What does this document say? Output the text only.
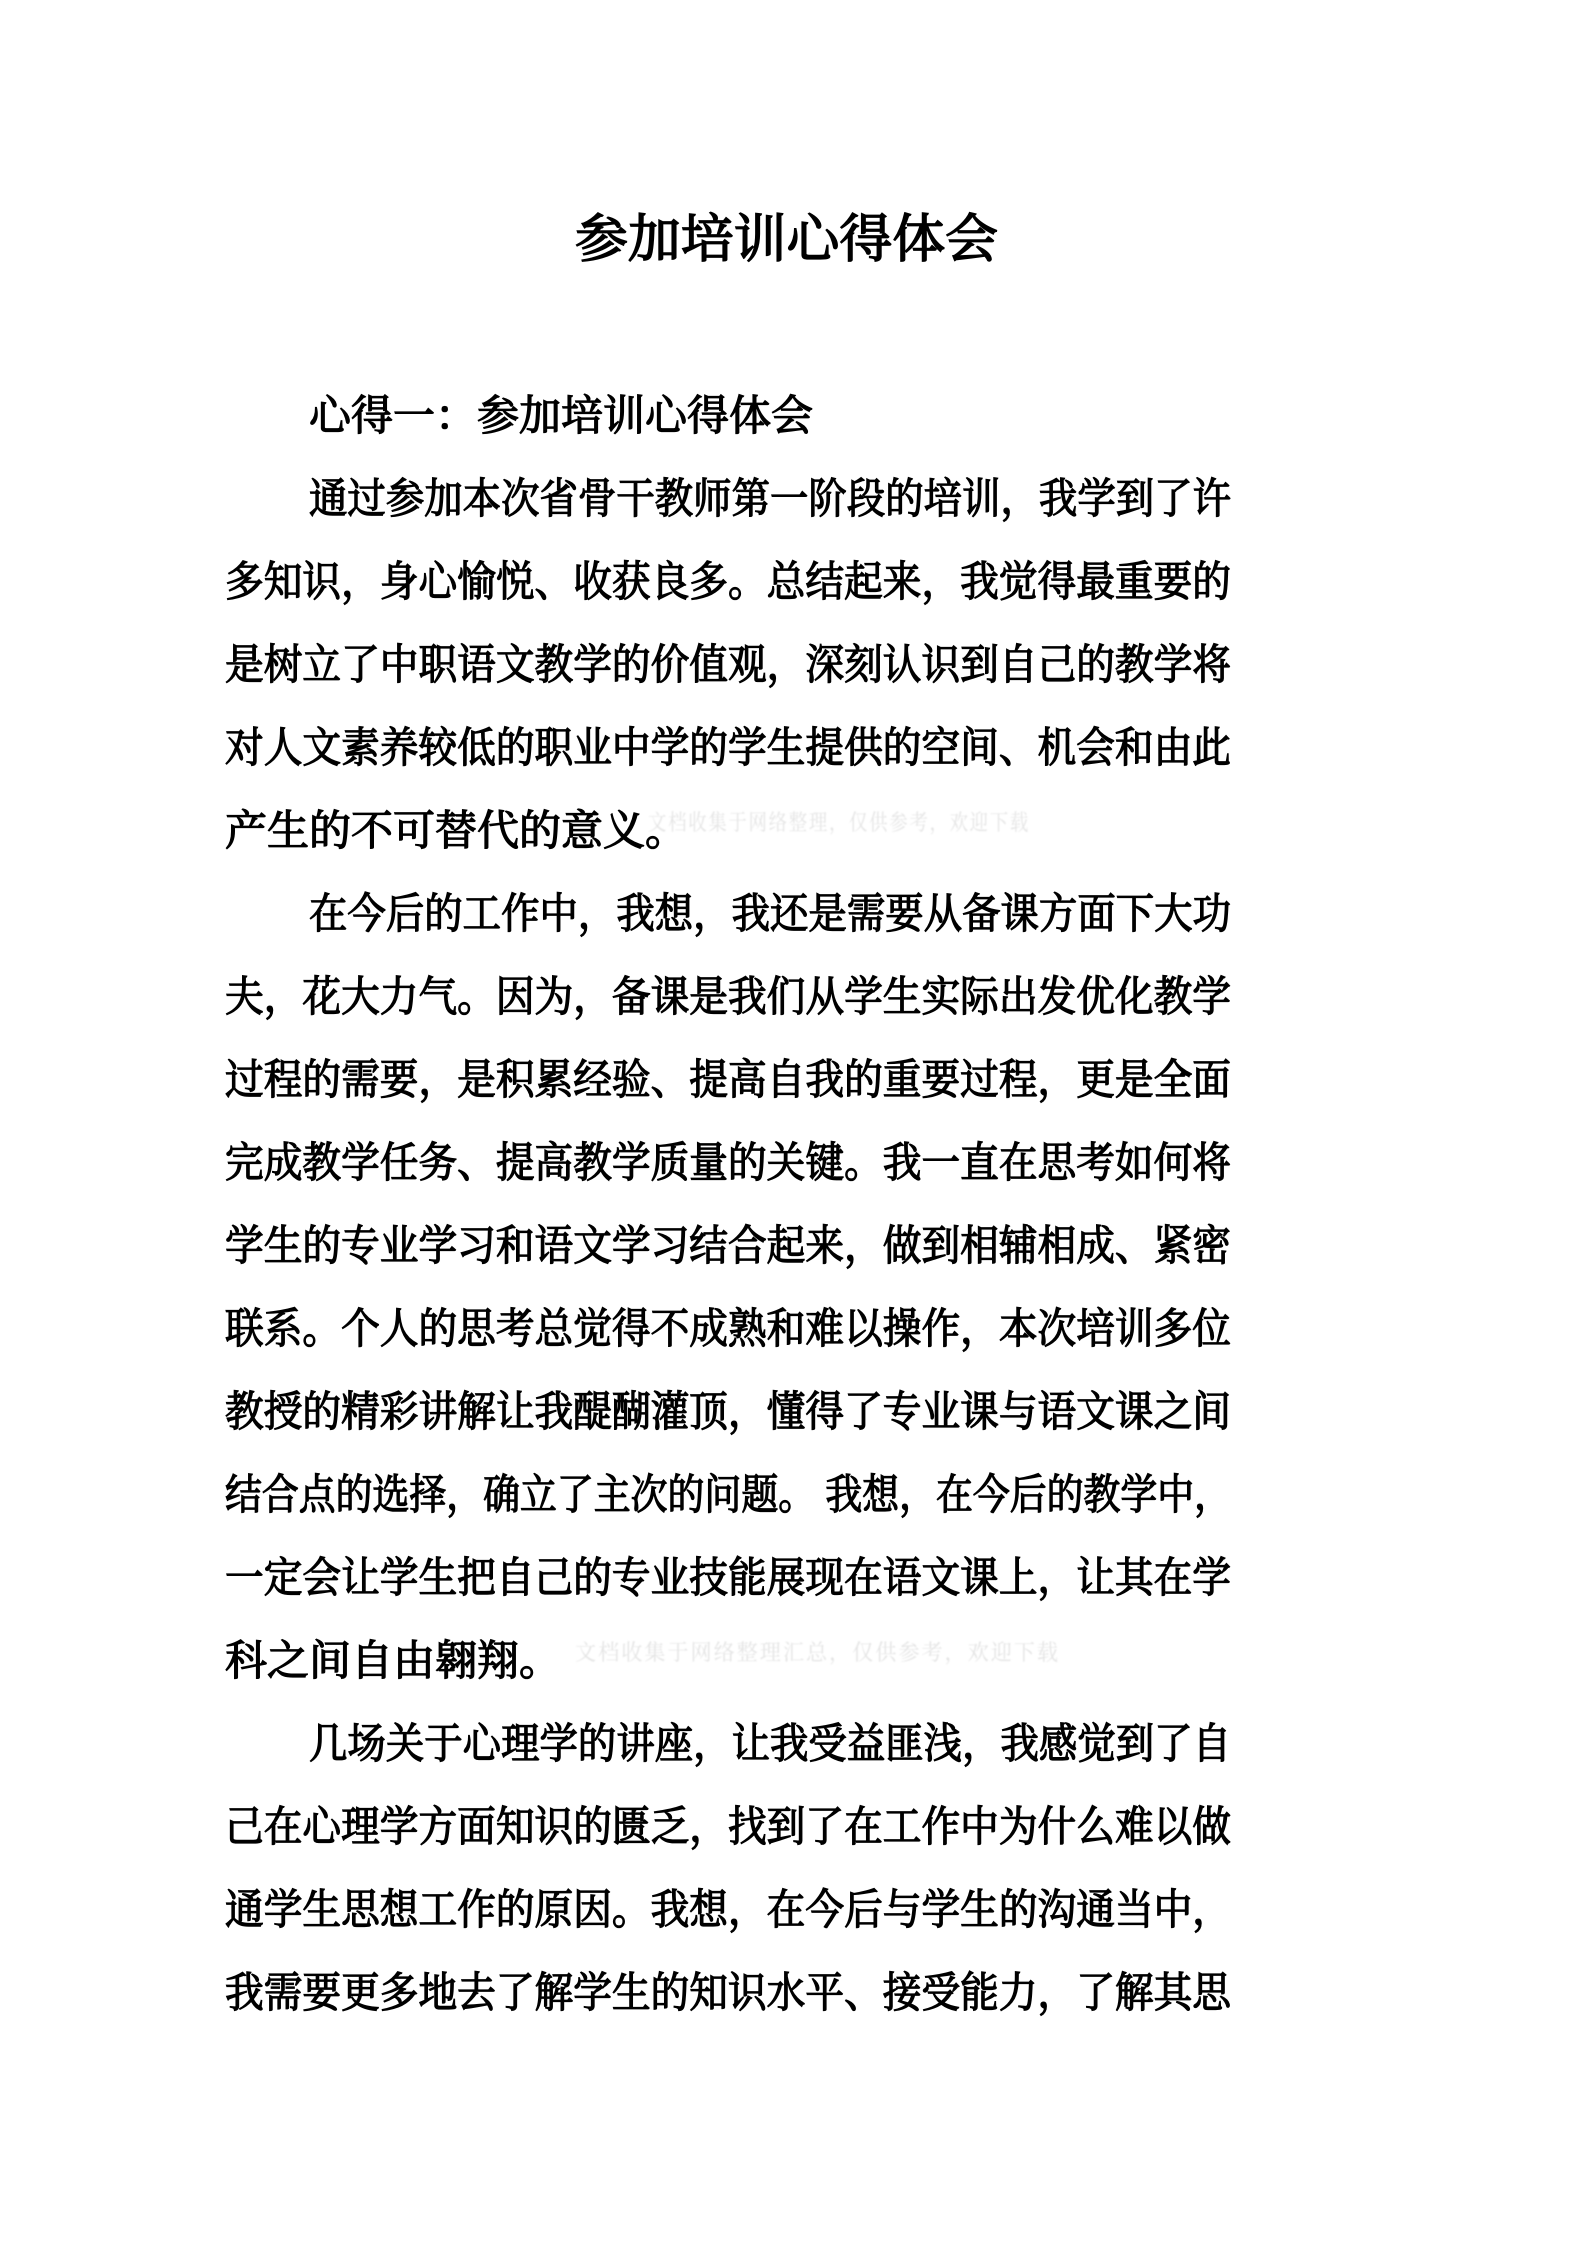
参加培训心得体会
心得一：参加培训心得体会
通过参加本次省骨干教师第一阶段的培训，我学到了许
多知识，身心愉悦、收获良多。总结起来，我觉得最重要的
是树立了中职语文教学的价值观，深刻认识到自己的教学将
对人文素养较低的职业中学的学生提供的空间、机会和由此
产生的不可替代的意义。
在今后的工作中，我想，我还是需要从备课方面下大功
夫，花大力气。因为，备课是我们从学生实际出发优化教学
过程的需要，是积累经验、提高自我的重要过程，更是全面
完成教学任务、提高教学质量的关键。我一直在思考如何将
学生的专业学习和语文学习结合起来，做到相辅相成、紧密
联系。个人的思考总觉得不成熟和难以操作，本次培训多位
教授的精彩讲解让我醍醐灌顶，懂得了专业课与语文课之间
结合点的选择，确立了主次的问题。 我想，在今后的教学中，
一定会让学生把自己的专业技能展现在语文课上，让其在学
科之间自由翱翔。
几场关于心理学的讲座，让我受益匪浅，我感觉到了自
己在心理学方面知识的匮乏，找到了在工作中为什么难以做
通学生思想工作的原因。我想，在今后与学生的沟通当中，
我需要更多地去了解学生的知识水平、接受能力，了解其思
文档收集于网络整理，仅供参考，欢迎下载
文档收集于网络整理汇总，仅供参考，欢迎下载
